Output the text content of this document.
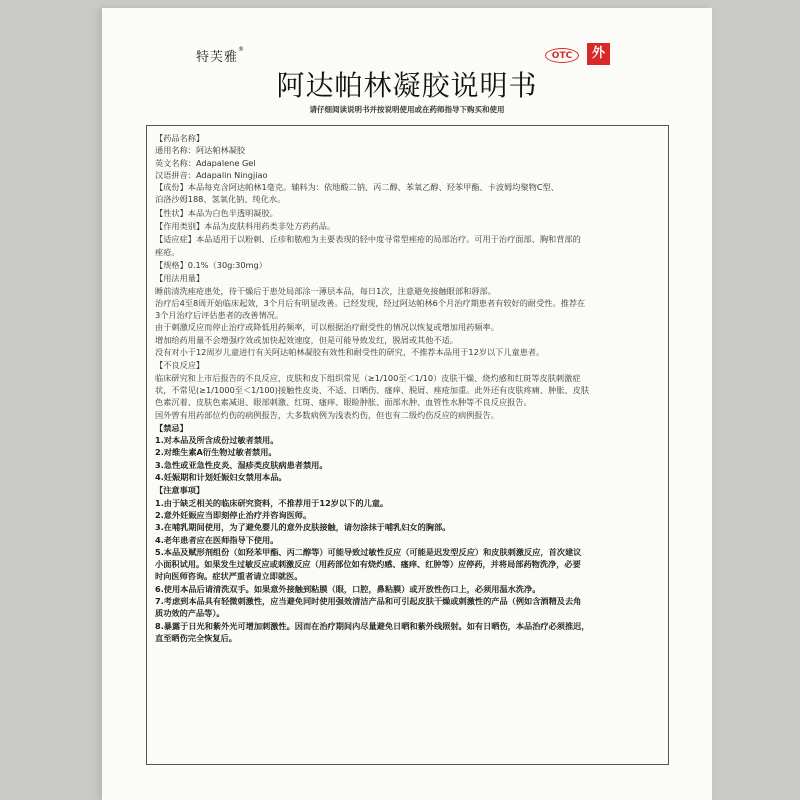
特芙雅®
OTC	外
阿达帕林凝胶说明书
请仔细阅读说明书并按说明使用或在药师指导下购买和使用

【药品名称】

通用名称：阿达帕林凝胶

英文名称：Adapalene Gel

汉语拼音：Adapalin Ningjiao

【成份】本品每克含阿达帕林1毫克。辅料为：依地酸二钠、丙二醇、苯氧乙醇、羟苯甲酯、卡波姆均聚物C型、

泊洛沙姆188、氢氧化钠、纯化水。

【性状】本品为白色半透明凝胶。

【作用类别】本品为皮肤科用药类非处方药药品。

【适应症】本品适用于以粉刺、丘疹和脓疱为主要表现的轻中度寻常型痤疮的局部治疗。可用于治疗面部、胸和背部的

痤疮。

【规格】0.1%（30g:30mg）

【用法用量】

睡前清洗痤疮患处，待干燥后于患处局部涂一薄层本品，每日1次，注意避免接触眼部和唇部。

治疗后4至8周开始临床起效，3个月后有明显改善。已经发现，经过阿达帕林6个月治疗期患者有较好的耐受性。推荐在

3个月治疗后评估患者的改善情况。

由于刺激反应而停止治疗或降低用药频率，可以根据治疗耐受性的情况以恢复或增加用药频率。

增加给药用量不会增强疗效或加快起效速度，但是可能导致发红，脱屑或其他不适。

没有对小于12周岁儿童进行有关阿达帕林凝胶有效性和耐受性的研究，不推荐本品用于12岁以下儿童患者。

【不良反应】

临床研究和上市后报告的不良反应，皮肤和皮下组织常见（≥1/100至＜1/10）皮肤干燥、烧灼感和红斑等皮肤刺激症

状，不常见(≥1/1000至＜1/100)接触性皮炎、不适、日晒伤、瘙痒、脱屑、痤疮加重。此外还有皮肤疼痛、肿胀、皮肤

色素沉着、皮肤色素减退、眼部刺激、红斑、瘙痒、眼睑肿胀、面部水肿、血管性水肿等不良反应报告。

国外曾有用药部位灼伤的病例报告，大多数病例为浅表灼伤，但也有二级灼伤反应的病例报告。

【禁忌】

1.对本品及所含成份过敏者禁用。

2.对维生素A衍生物过敏者禁用。

3.急性或亚急性皮炎、湿疹类皮肤病患者禁用。

4.妊娠期和计划妊娠妇女禁用本品。

【注意事项】

1.由于缺乏相关的临床研究资料，不推荐用于12岁以下的儿童。

2.意外妊娠应当即刻停止治疗并咨询医师。

3.在哺乳期间使用，为了避免婴儿的意外皮肤接触，请勿涂抹于哺乳妇女的胸部。

4.老年患者应在医师指导下使用。

5.本品及赋形剂组份（如羟苯甲酯、丙二醇等）可能导致过敏性反应（可能是迟发型反应）和皮肤刺激反应，首次建议

小面积试用。如果发生过敏反应或刺激反应（用药部位如有烧灼感、瘙痒、红肿等）应停药，并将局部药物洗净，必要

时向医师咨询。症状严重者请立即就医。

6.使用本品后请清洗双手。如果意外接触到粘膜（眼，口腔，鼻粘膜）或开放性伤口上，必须用温水洗净。

7.考虑到本品具有轻微刺激性，应当避免同时使用强效清洁产品和可引起皮肤干燥或刺激性的产品（例如含酒精及去角

质功效的产品等）。

8.暴露于日光和紫外光可增加刺激性。因而在治疗期间内尽量避免日晒和紫外线照射。如有日晒伤，本品治疗必须推迟，

直至晒伤完全恢复后。
